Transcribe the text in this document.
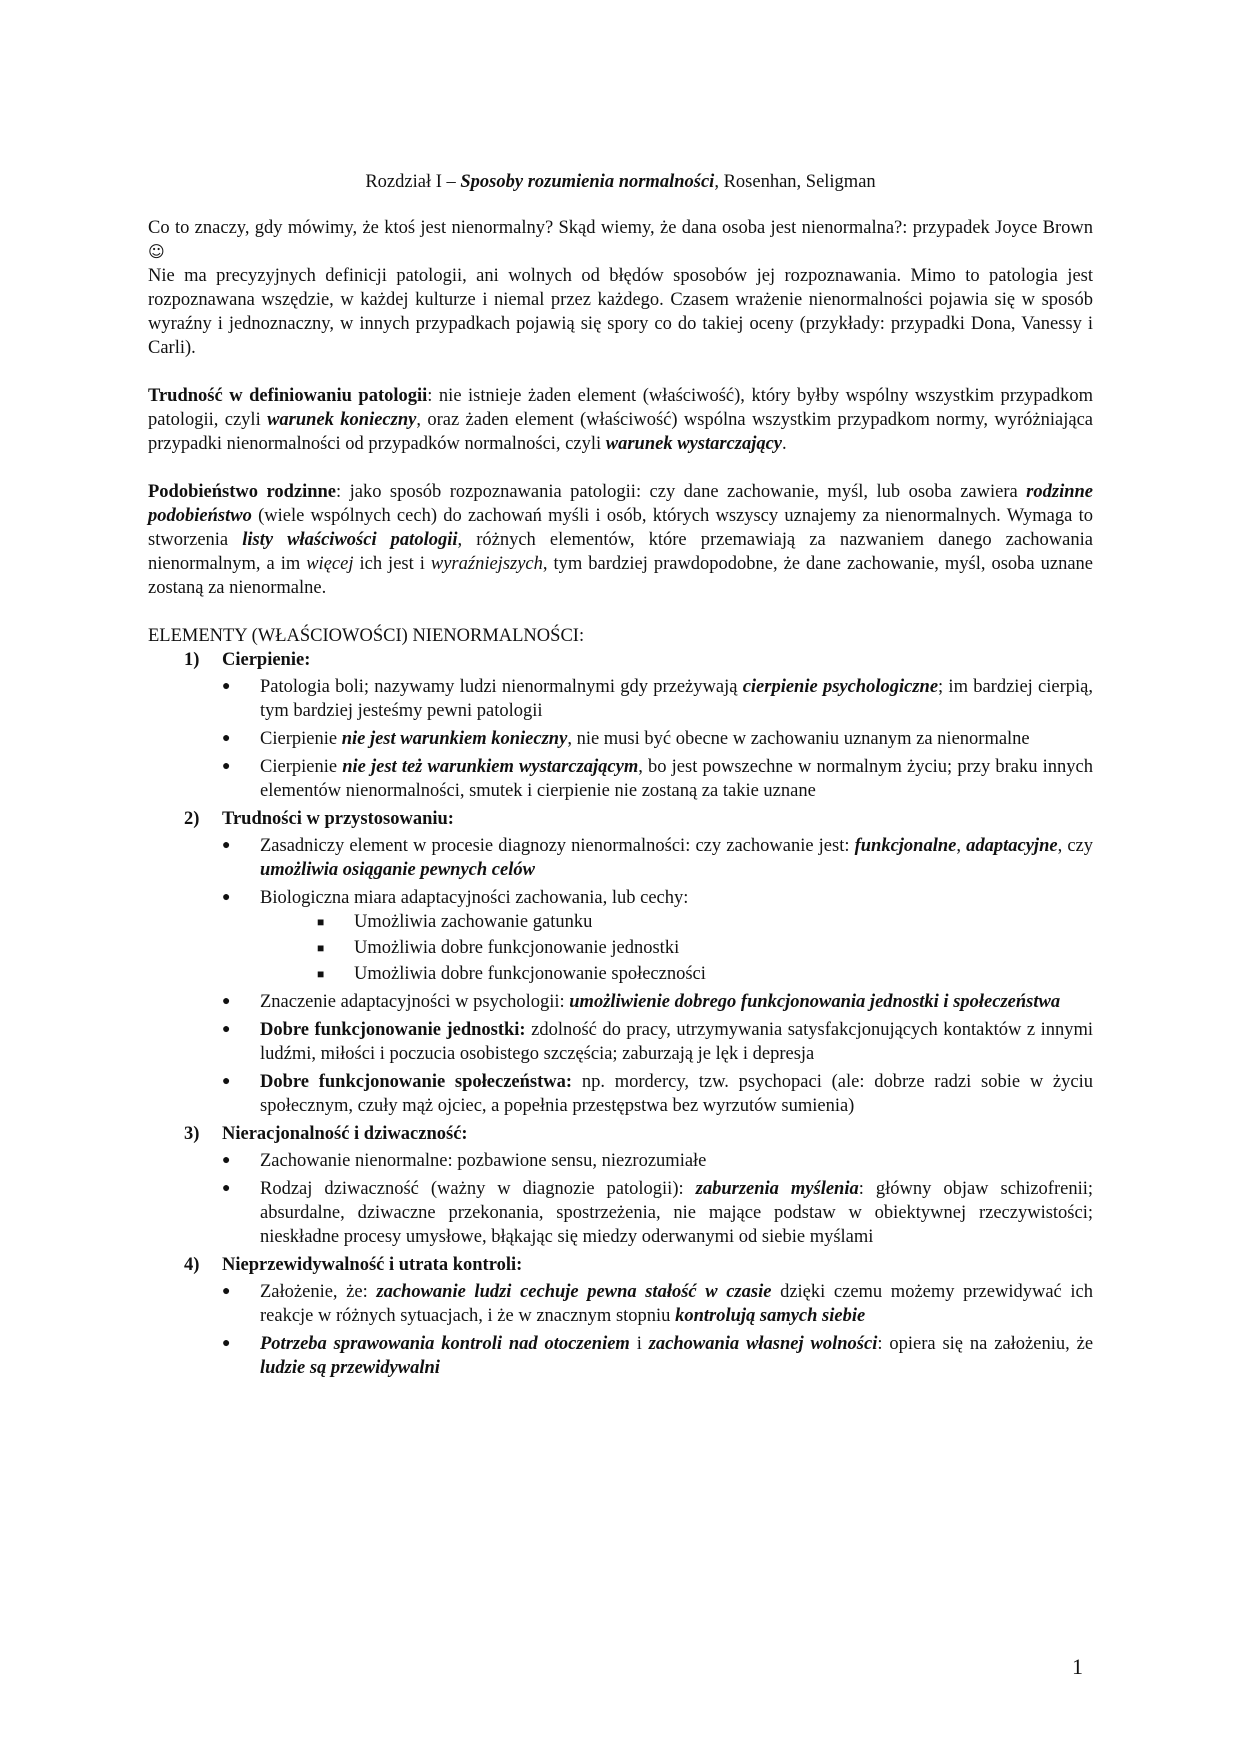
Rozdział I – Sposoby rozumienia normalności, Rosenhan, Seligman

Co to znaczy, gdy mówimy, że ktoś jest nienormalny? Skąd wiemy, że dana osoba jest nienormalna?: przypadek Joyce Brown☺

Nie ma precyzyjnych definicji patologii, ani wolnych od błędów sposobów jej rozpoznawania. Mimo to patologia jest rozpoznawana wszędzie, w każdej kulturze i niemal przez każdego. Czasem wrażenie nienormalności pojawia się w sposób wyraźny i jednoznaczny, w innych przypadkach pojawią się spory co do takiej oceny (przykłady: przypadki Dona, Vanessy i Carli).

Trudność w definiowaniu patologii: nie istnieje żaden element (właściwość), który byłby wspólny wszystkim przypadkom patologii, czyli warunek konieczny, oraz żaden element (właściwość) wspólna wszystkim przypadkom normy, wyróżniająca przypadki nienormalności od przypadków normalności, czyli warunek wystarczający.

Podobieństwo rodzinne: jako sposób rozpoznawania patologii: czy dane zachowanie, myśl, lub osoba zawiera rodzinne podobieństwo (wiele wspólnych cech) do zachowań myśli i osób, których wszyscy uznajemy za nienormalnych. Wymaga to stworzenia listy właściwości patologii, różnych elementów, które przemawiają za nazwaniem danego zachowania nienormalnym, a im więcej ich jest i wyraźniejszych, tym bardziej prawdopodobne, że dane zachowanie, myśl, osoba uznane zostaną za nienormalne.

ELEMENTY (WŁAŚCIOWOŚCI) NIENORMALNOŚCI:

1) Cierpienie:
● Patologia boli; nazywamy ludzi nienormalnymi gdy przeżywają cierpienie psychologiczne; im bardziej cierpią, tym bardziej jesteśmy pewni patologii
● Cierpienie nie jest warunkiem konieczny, nie musi być obecne w zachowaniu uznanym za nienormalne
● Cierpienie nie jest też warunkiem wystarczającym, bo jest powszechne w normalnym życiu; przy braku innych elementów nienormalności, smutek i cierpienie nie zostaną za takie uznane
2) Trudności w przystosowaniu:
● Zasadniczy element w procesie diagnozy nienormalności: czy zachowanie jest: funkcjonalne, adaptacyjne, czy umożliwia osiąganie pewnych celów
● Biologiczna miara adaptacyjności zachowania, lub cechy:
■ Umożliwia zachowanie gatunku
■ Umożliwia dobre funkcjonowanie jednostki
■ Umożliwia dobre funkcjonowanie społeczności
● Znaczenie adaptacyjności w psychologii: umożliwienie dobrego funkcjonowania jednostki i społeczeństwa
● Dobre funkcjonowanie jednostki: zdolność do pracy, utrzymywania satysfakcjonujących kontaktów z innymi ludźmi, miłości i poczucia osobistego szczęścia; zaburzają je lęk i depresja
● Dobre funkcjonowanie społeczeństwa: np. mordercy, tzw. psychopaci (ale: dobrze radzi sobie w życiu społecznym, czuły mąż ojciec, a popełnia przestępstwa bez wyrzutów sumienia)
3) Nieracjonalność i dziwaczność:
● Zachowanie nienormalne: pozbawione sensu, niezrozumiałe
● Rodzaj dziwaczność (ważny w diagnozie patologii): zaburzenia myślenia: główny objaw schizofrenii; absurdalne, dziwaczne przekonania, spostrzeżenia, nie mające podstaw w obiektywnej rzeczywistości; nieskładne procesy umysłowe, błąkając się miedzy oderwanymi od siebie myślami
4) Nieprzewidywalność i utrata kontroli:
● Założenie, że: zachowanie ludzi cechuje pewna stałość w czasie dzięki czemu możemy przewidywać ich reakcje w różnych sytuacjach, i że w znacznym stopniu kontrolują samych siebie
● Potrzeba sprawowania kontroli nad otoczeniem i zachowania własnej wolności: opiera się na założeniu, że ludzie są przewidywalni
1
